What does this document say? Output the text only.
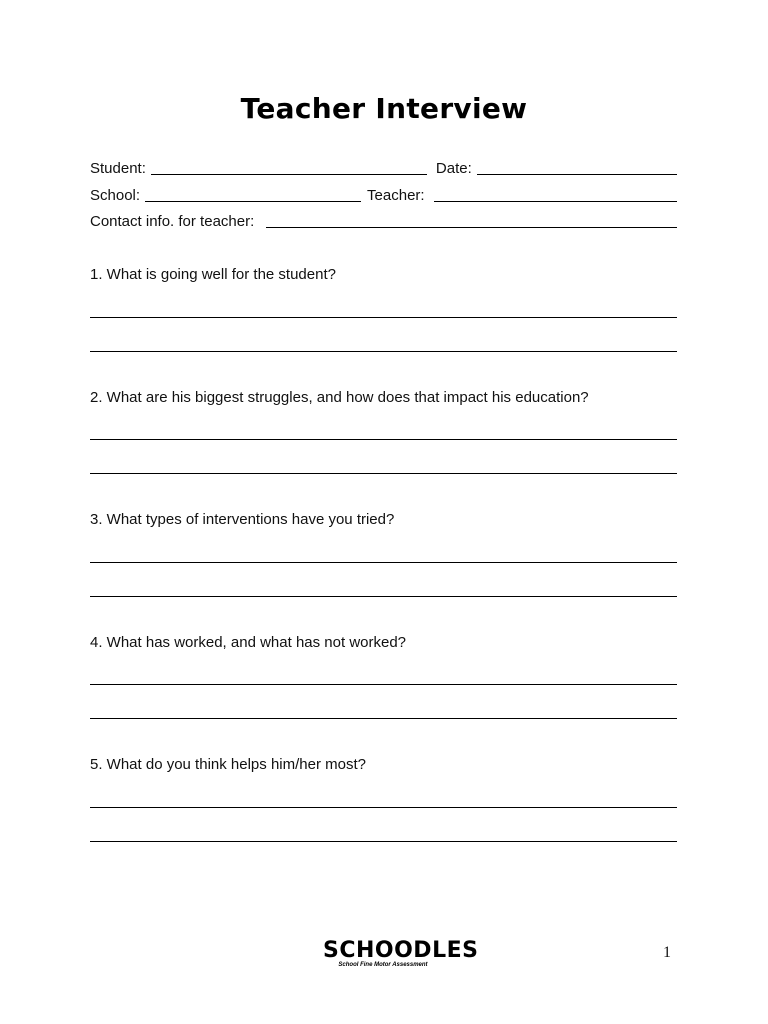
Teacher Interview
Student:	Date:
School:	Teacher:
Contact info. for teacher:
1. What is going well for the student?
2. What are his biggest struggles, and how does that impact his education?
3. What types of interventions have you tried?
4. What has worked, and what has not worked?
5. What do you think helps him/her most?
SCHOODLES
School Fine Motor Assessment
1
